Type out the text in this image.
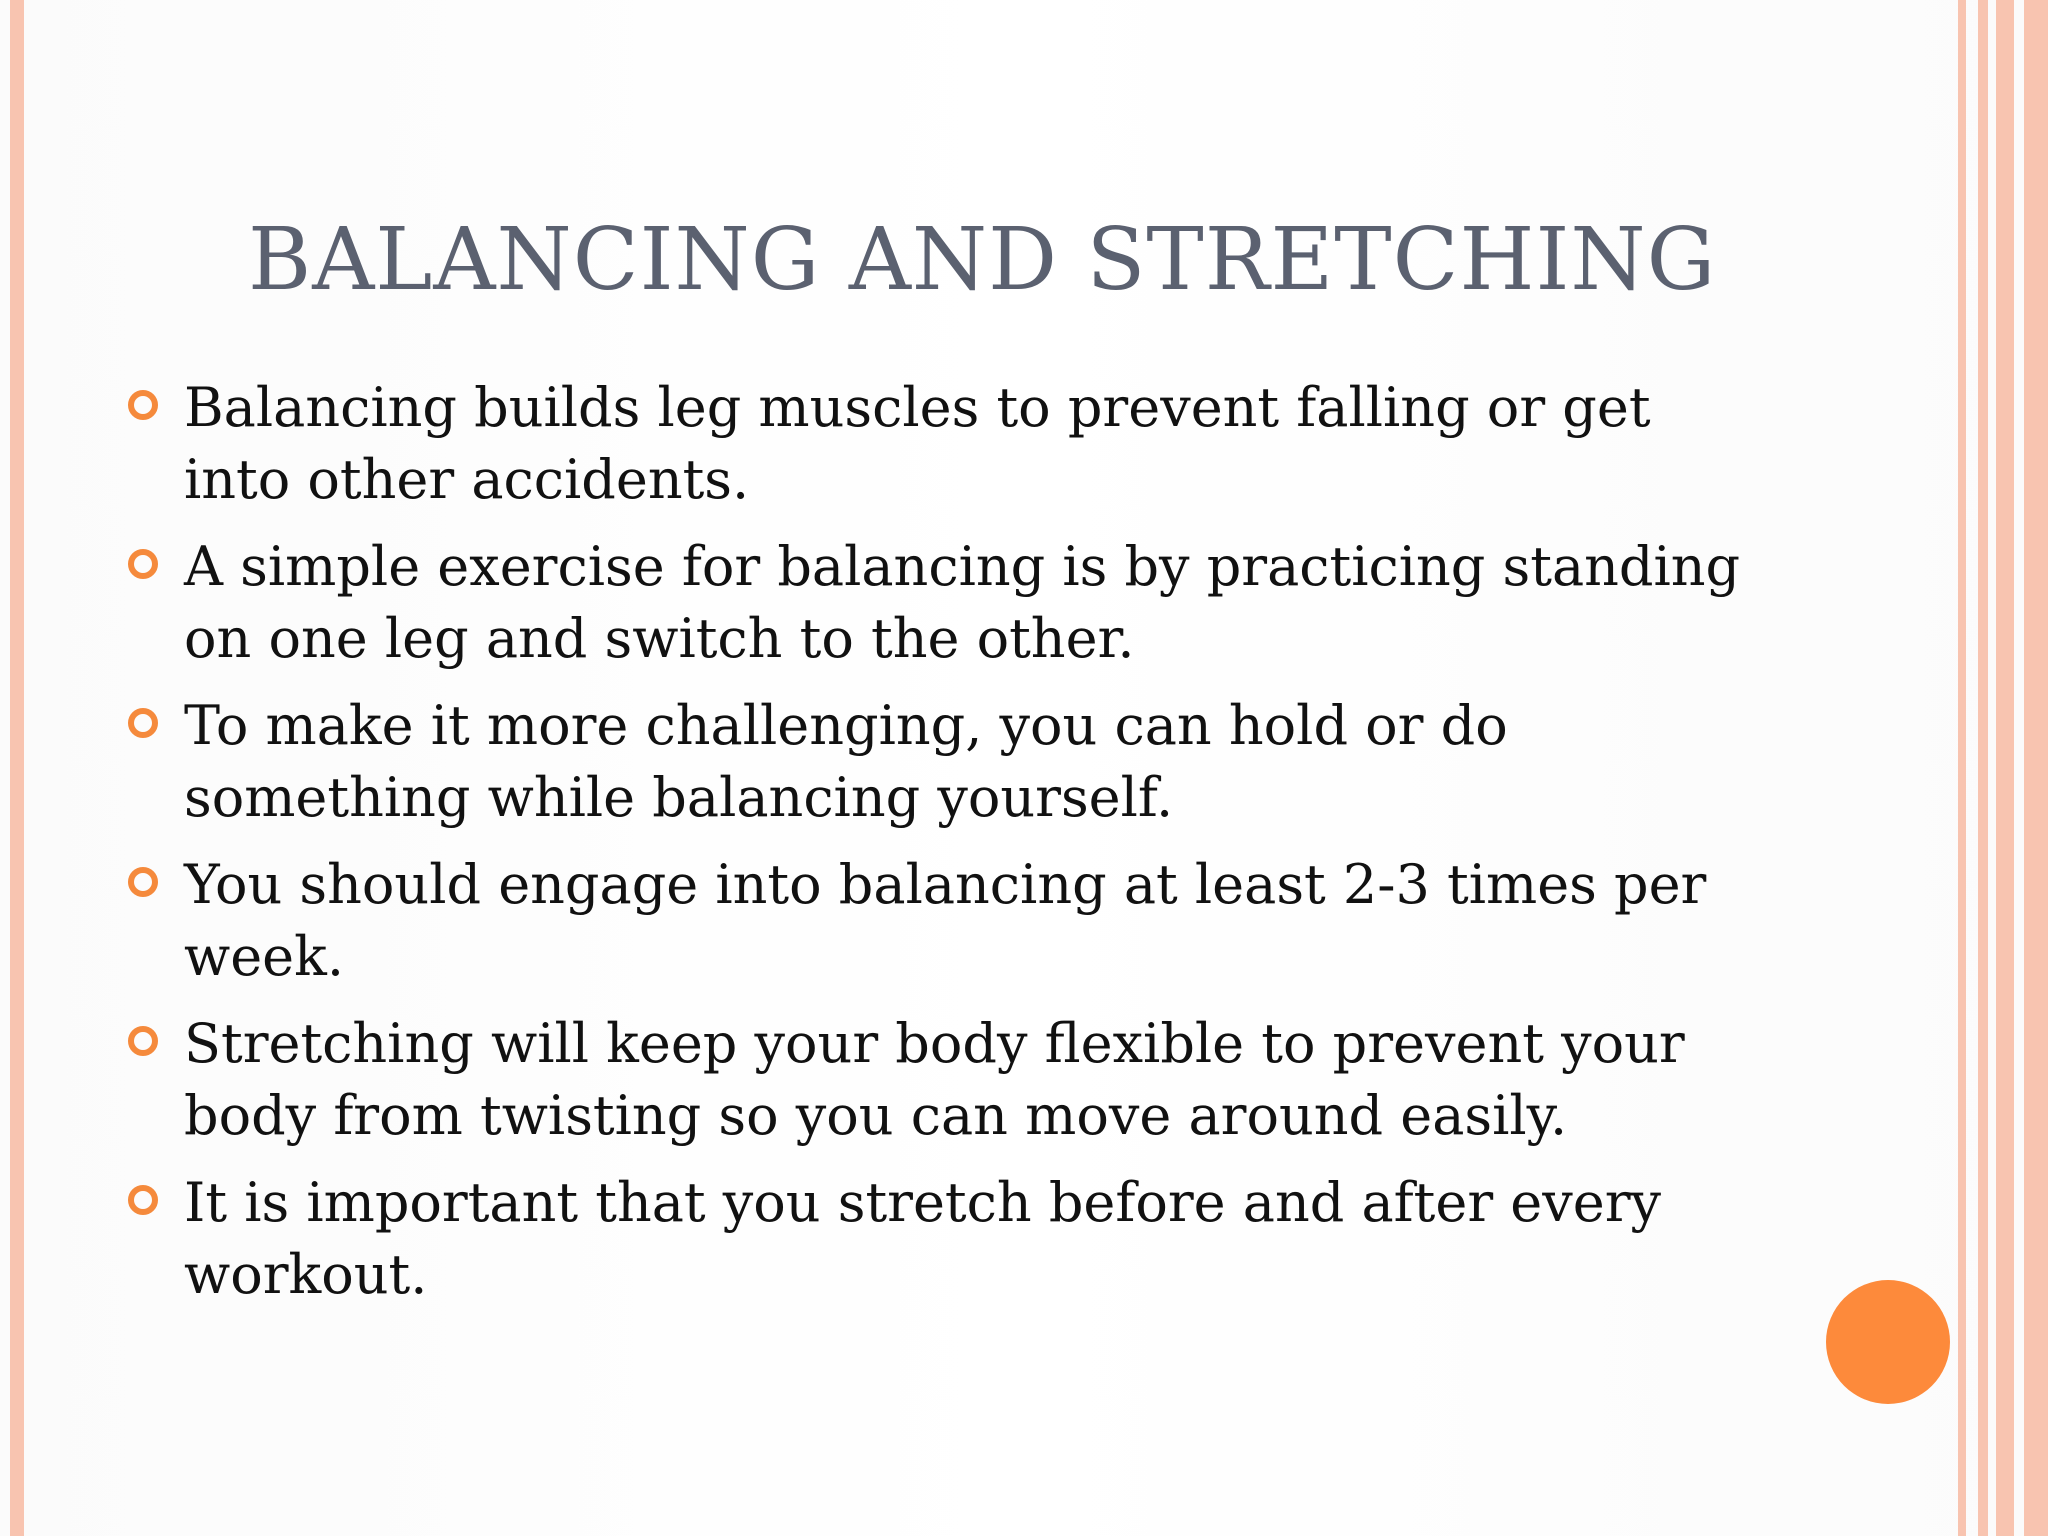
BALANCING AND STRETCHING
Balancing builds leg muscles to prevent falling or get into other accidents.
A simple exercise for balancing is by practicing standing on one leg and switch to the other.
To make it more challenging, you can hold or do something while balancing yourself.
You should engage into balancing at least 2-3 times per week.
Stretching will keep your body flexible to prevent your body from twisting so you can move around easily.
It is important that you stretch before and after every workout.
